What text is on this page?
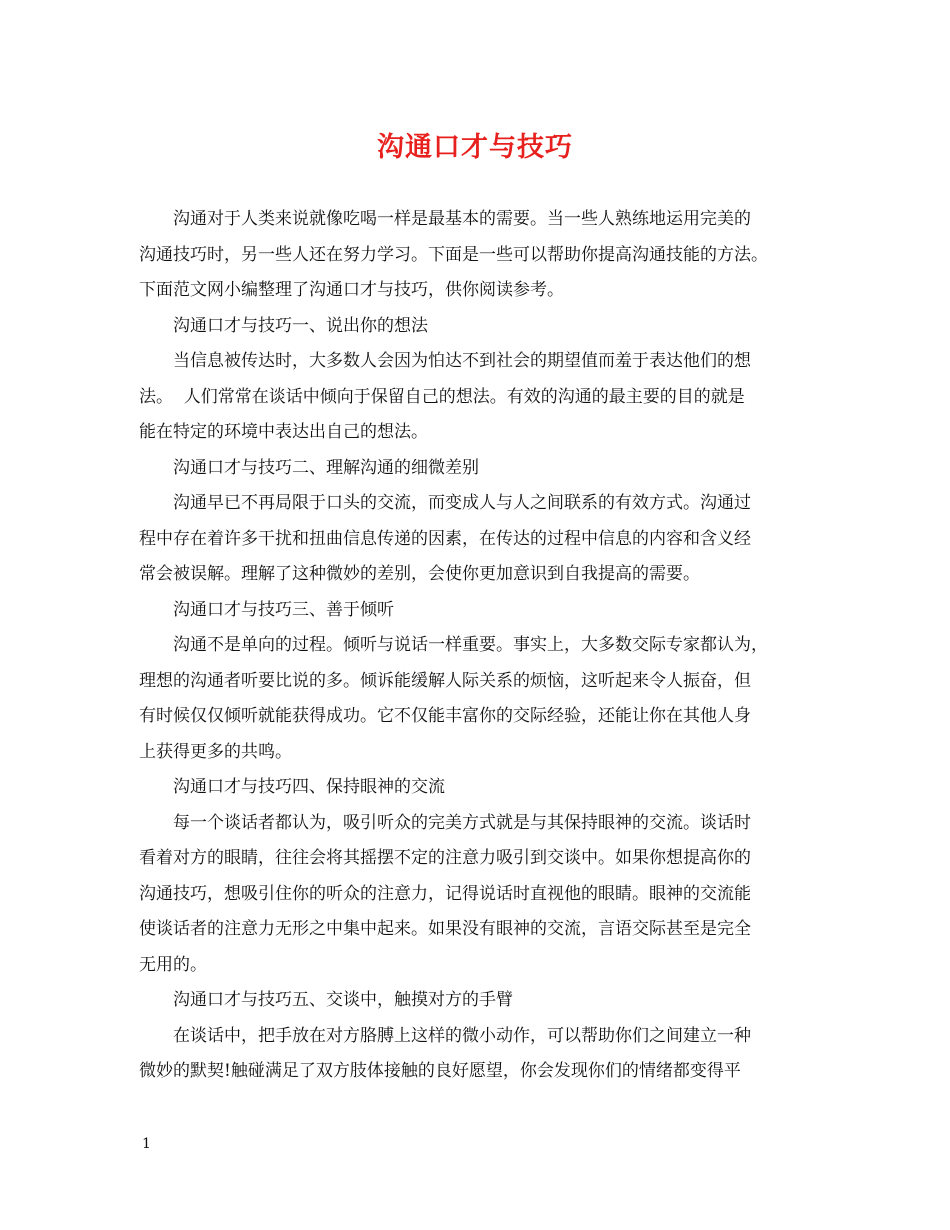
沟通口才与技巧

沟通对于人类来说就像吃喝一样是最基本的需要。当一些人熟练地运用完美的
沟通技巧时，另一些人还在努力学习。下面是一些可以帮助你提高沟通技能的方法。
下面范文网小编整理了沟通口才与技巧，供你阅读参考。

沟通口才与技巧一、说出你的想法

当信息被传达时，大多数人会因为怕达不到社会的期望值而羞于表达他们的想
法。  人们常常在谈话中倾向于保留自己的想法。有效的沟通的最主要的目的就是
能在特定的环境中表达出自己的想法。

沟通口才与技巧二、理解沟通的细微差别

沟通早已不再局限于口头的交流，而变成人与人之间联系的有效方式。沟通过
程中存在着许多干扰和扭曲信息传递的因素，在传达的过程中信息的内容和含义经
常会被误解。理解了这种微妙的差别，会使你更加意识到自我提高的需要。

沟通口才与技巧三、善于倾听

沟通不是单向的过程。倾听与说话一样重要。事实上，大多数交际专家都认为，
理想的沟通者听要比说的多。倾诉能缓解人际关系的烦恼，这听起来令人振奋，但
有时候仅仅倾听就能获得成功。它不仅能丰富你的交际经验，还能让你在其他人身
上获得更多的共鸣。

沟通口才与技巧四、保持眼神的交流

每一个谈话者都认为，吸引听众的完美方式就是与其保持眼神的交流。谈话时
看着对方的眼睛，往往会将其摇摆不定的注意力吸引到交谈中。如果你想提高你的
沟通技巧，想吸引住你的听众的注意力，记得说话时直视他的眼睛。眼神的交流能
使谈话者的注意力无形之中集中起来。如果没有眼神的交流，言语交际甚至是完全
无用的。

沟通口才与技巧五、交谈中，触摸对方的手臂

在谈话中，把手放在对方胳膊上这样的微小动作，可以帮助你们之间建立一种
微妙的默契!触碰满足了双方肢体接触的良好愿望，你会发现你们的情绪都变得平

1
